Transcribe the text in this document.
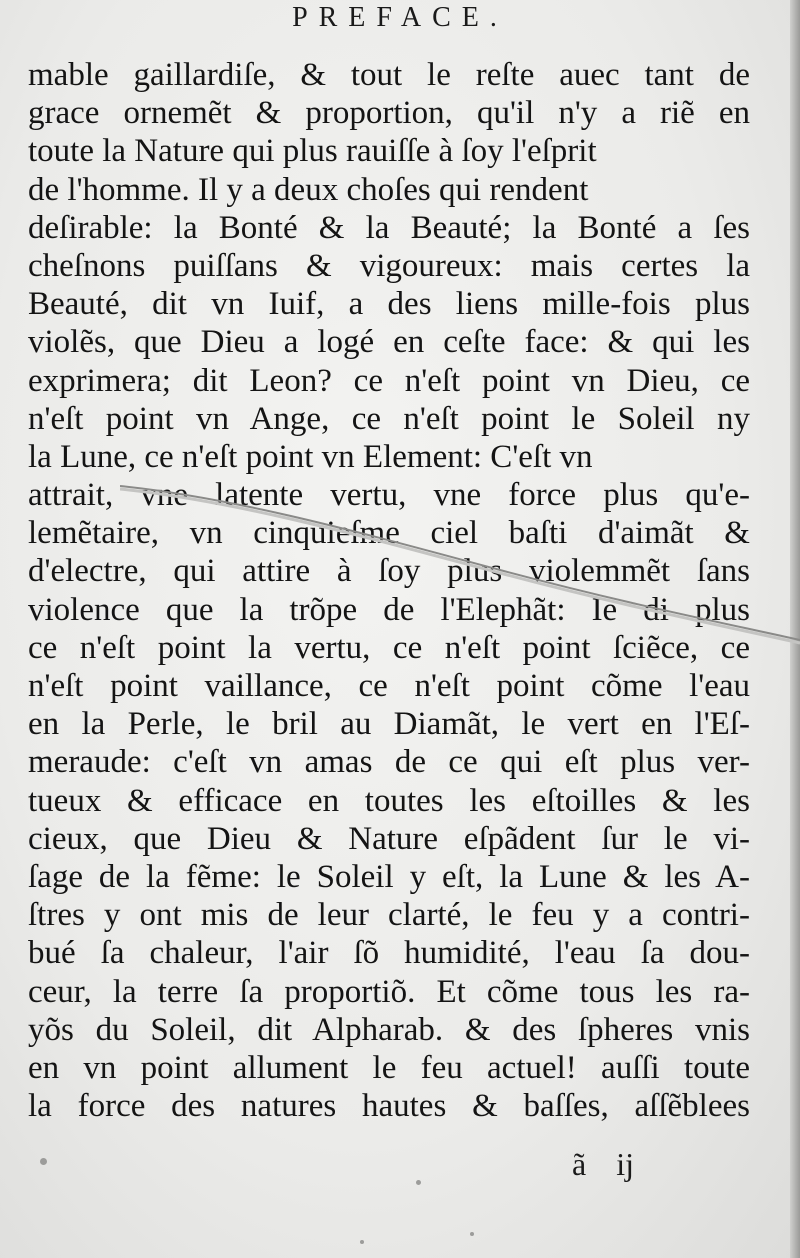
PREFACE.
mable gaillardiſe, & tout le reſte auec tant de
grace ornemẽt & proportion, qu'il n'y a riẽ en
toute la Nature qui plus rauiſſe à ſoy l'eſprit
de l'homme. Il y a deux choſes qui rendent
deſirable: la Bonté & la Beauté; la Bonté a ſes
cheſnons puiſſans & vigoureux: mais certes la
Beauté, dit vn Iuif, a des liens mille-fois plus
violẽs, que Dieu a logé en ceſte face: & qui les
exprimera; dit Leon? ce n'eſt point vn Dieu, ce
n'eſt point vn Ange, ce n'eſt point le Soleil ny
la Lune, ce n'eſt point vn Element: C'eſt vn
attrait, vne latente vertu, vne force plus qu'e-
lemẽtaire, vn cinquieſme ciel baſti d'aimãt &
d'electre, qui attire à ſoy plus violemmẽt ſans
violence que la trõpe de l'Elephãt: Ie di plus
ce n'eſt point la vertu, ce n'eſt point ſciẽce, ce
n'eſt point vaillance, ce n'eſt point cõme l'eau
en la Perle, le bril au Diamãt, le vert en l'Eſ-
meraude: c'eſt vn amas de ce qui eſt plus ver-
tueux & efficace en toutes les eſtoilles & les
cieux, que Dieu & Nature eſpãdent ſur le vi-
ſage de la fẽme: le Soleil y eſt, la Lune & les A-
ſtres y ont mis de leur clarté, le feu y a contri-
bué ſa chaleur, l'air ſõ humidité, l'eau ſa dou-
ceur, la terre ſa proportiõ. Et cõme tous les ra-
yõs du Soleil, dit Alpharab. & des ſpheres vnis
en vn point allument le feu actuel! auſſi toute
la force des natures hautes & baſſes, aſſẽblees
ã ij
